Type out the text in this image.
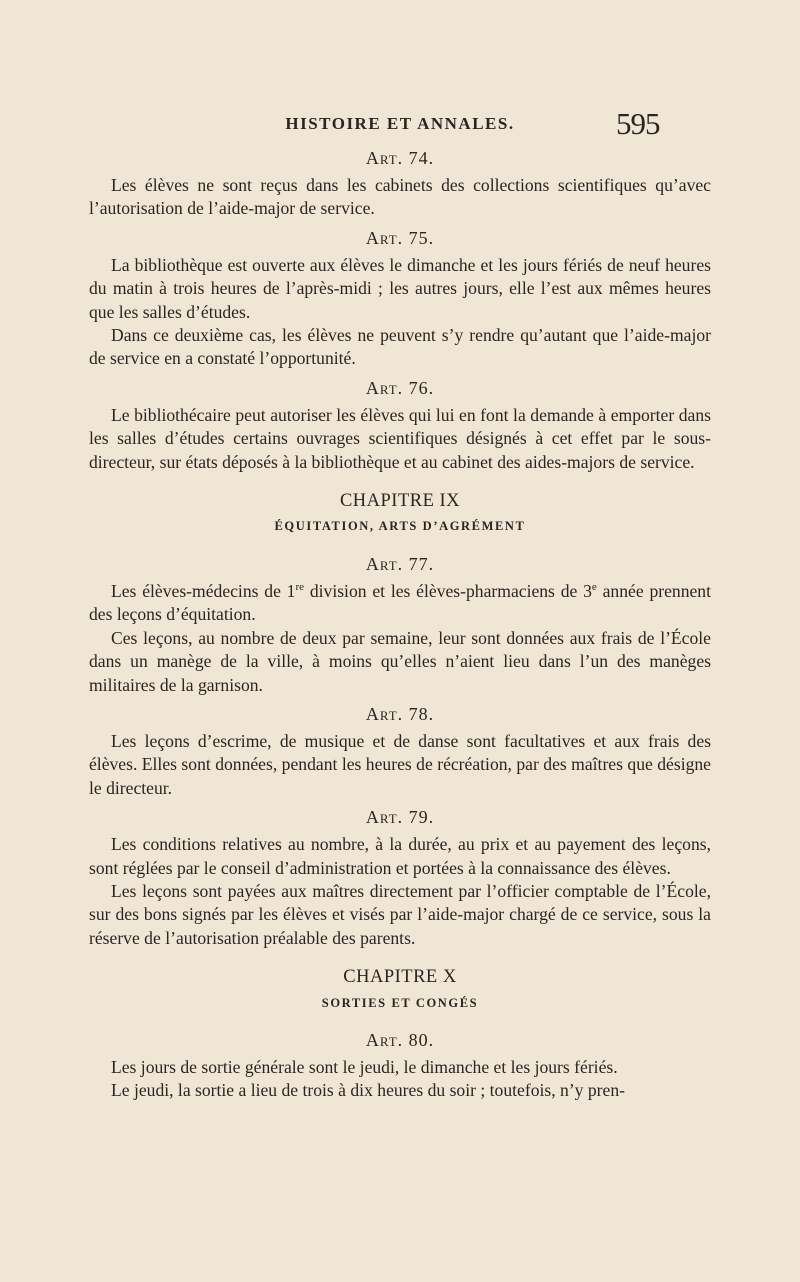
HISTOIRE ET ANNALES.	595
Art. 74.

Les élèves ne sont reçus dans les cabinets des collections scientifiques qu’avec l’autorisation de l’aide-major de service.

Art. 75.

La bibliothèque est ouverte aux élèves le dimanche et les jours fériés de neuf heures du matin à trois heures de l’après-midi ; les autres jours, elle l’est aux mêmes heures que les salles d’études.

Dans ce deuxième cas, les élèves ne peuvent s’y rendre qu’autant que l’aide-major de service en a constaté l’opportunité.

Art. 76.

Le bibliothécaire peut autoriser les élèves qui lui en font la demande à emporter dans les salles d’études certains ouvrages scientifiques désignés à cet effet par le sous-directeur, sur états déposés à la bibliothèque et au cabinet des aides-majors de service.

CHAPITRE IX
ÉQUITATION, ARTS D’AGRÉMENT
Art. 77.

Les élèves-médecins de 1re division et les élèves-pharmaciens de 3e année prennent des leçons d’équitation.

Ces leçons, au nombre de deux par semaine, leur sont données aux frais de l’École dans un manège de la ville, à moins qu’elles n’aient lieu dans l’un des manèges militaires de la garnison.

Art. 78.

Les leçons d’escrime, de musique et de danse sont facultatives et aux frais des élèves. Elles sont données, pendant les heures de récréation, par des maîtres que désigne le directeur.

Art. 79.

Les conditions relatives au nombre, à la durée, au prix et au payement des leçons, sont réglées par le conseil d’administration et portées à la connaissance des élèves.

Les leçons sont payées aux maîtres directement par l’officier comptable de l’École, sur des bons signés par les élèves et visés par l’aide-major chargé de ce service, sous la réserve de l’autorisation préalable des parents.

CHAPITRE X
SORTIES ET CONGÉS
Art. 80.

Les jours de sortie générale sont le jeudi, le dimanche et les jours fériés.

Le jeudi, la sortie a lieu de trois à dix heures du soir ; toutefois, n’y pren-
